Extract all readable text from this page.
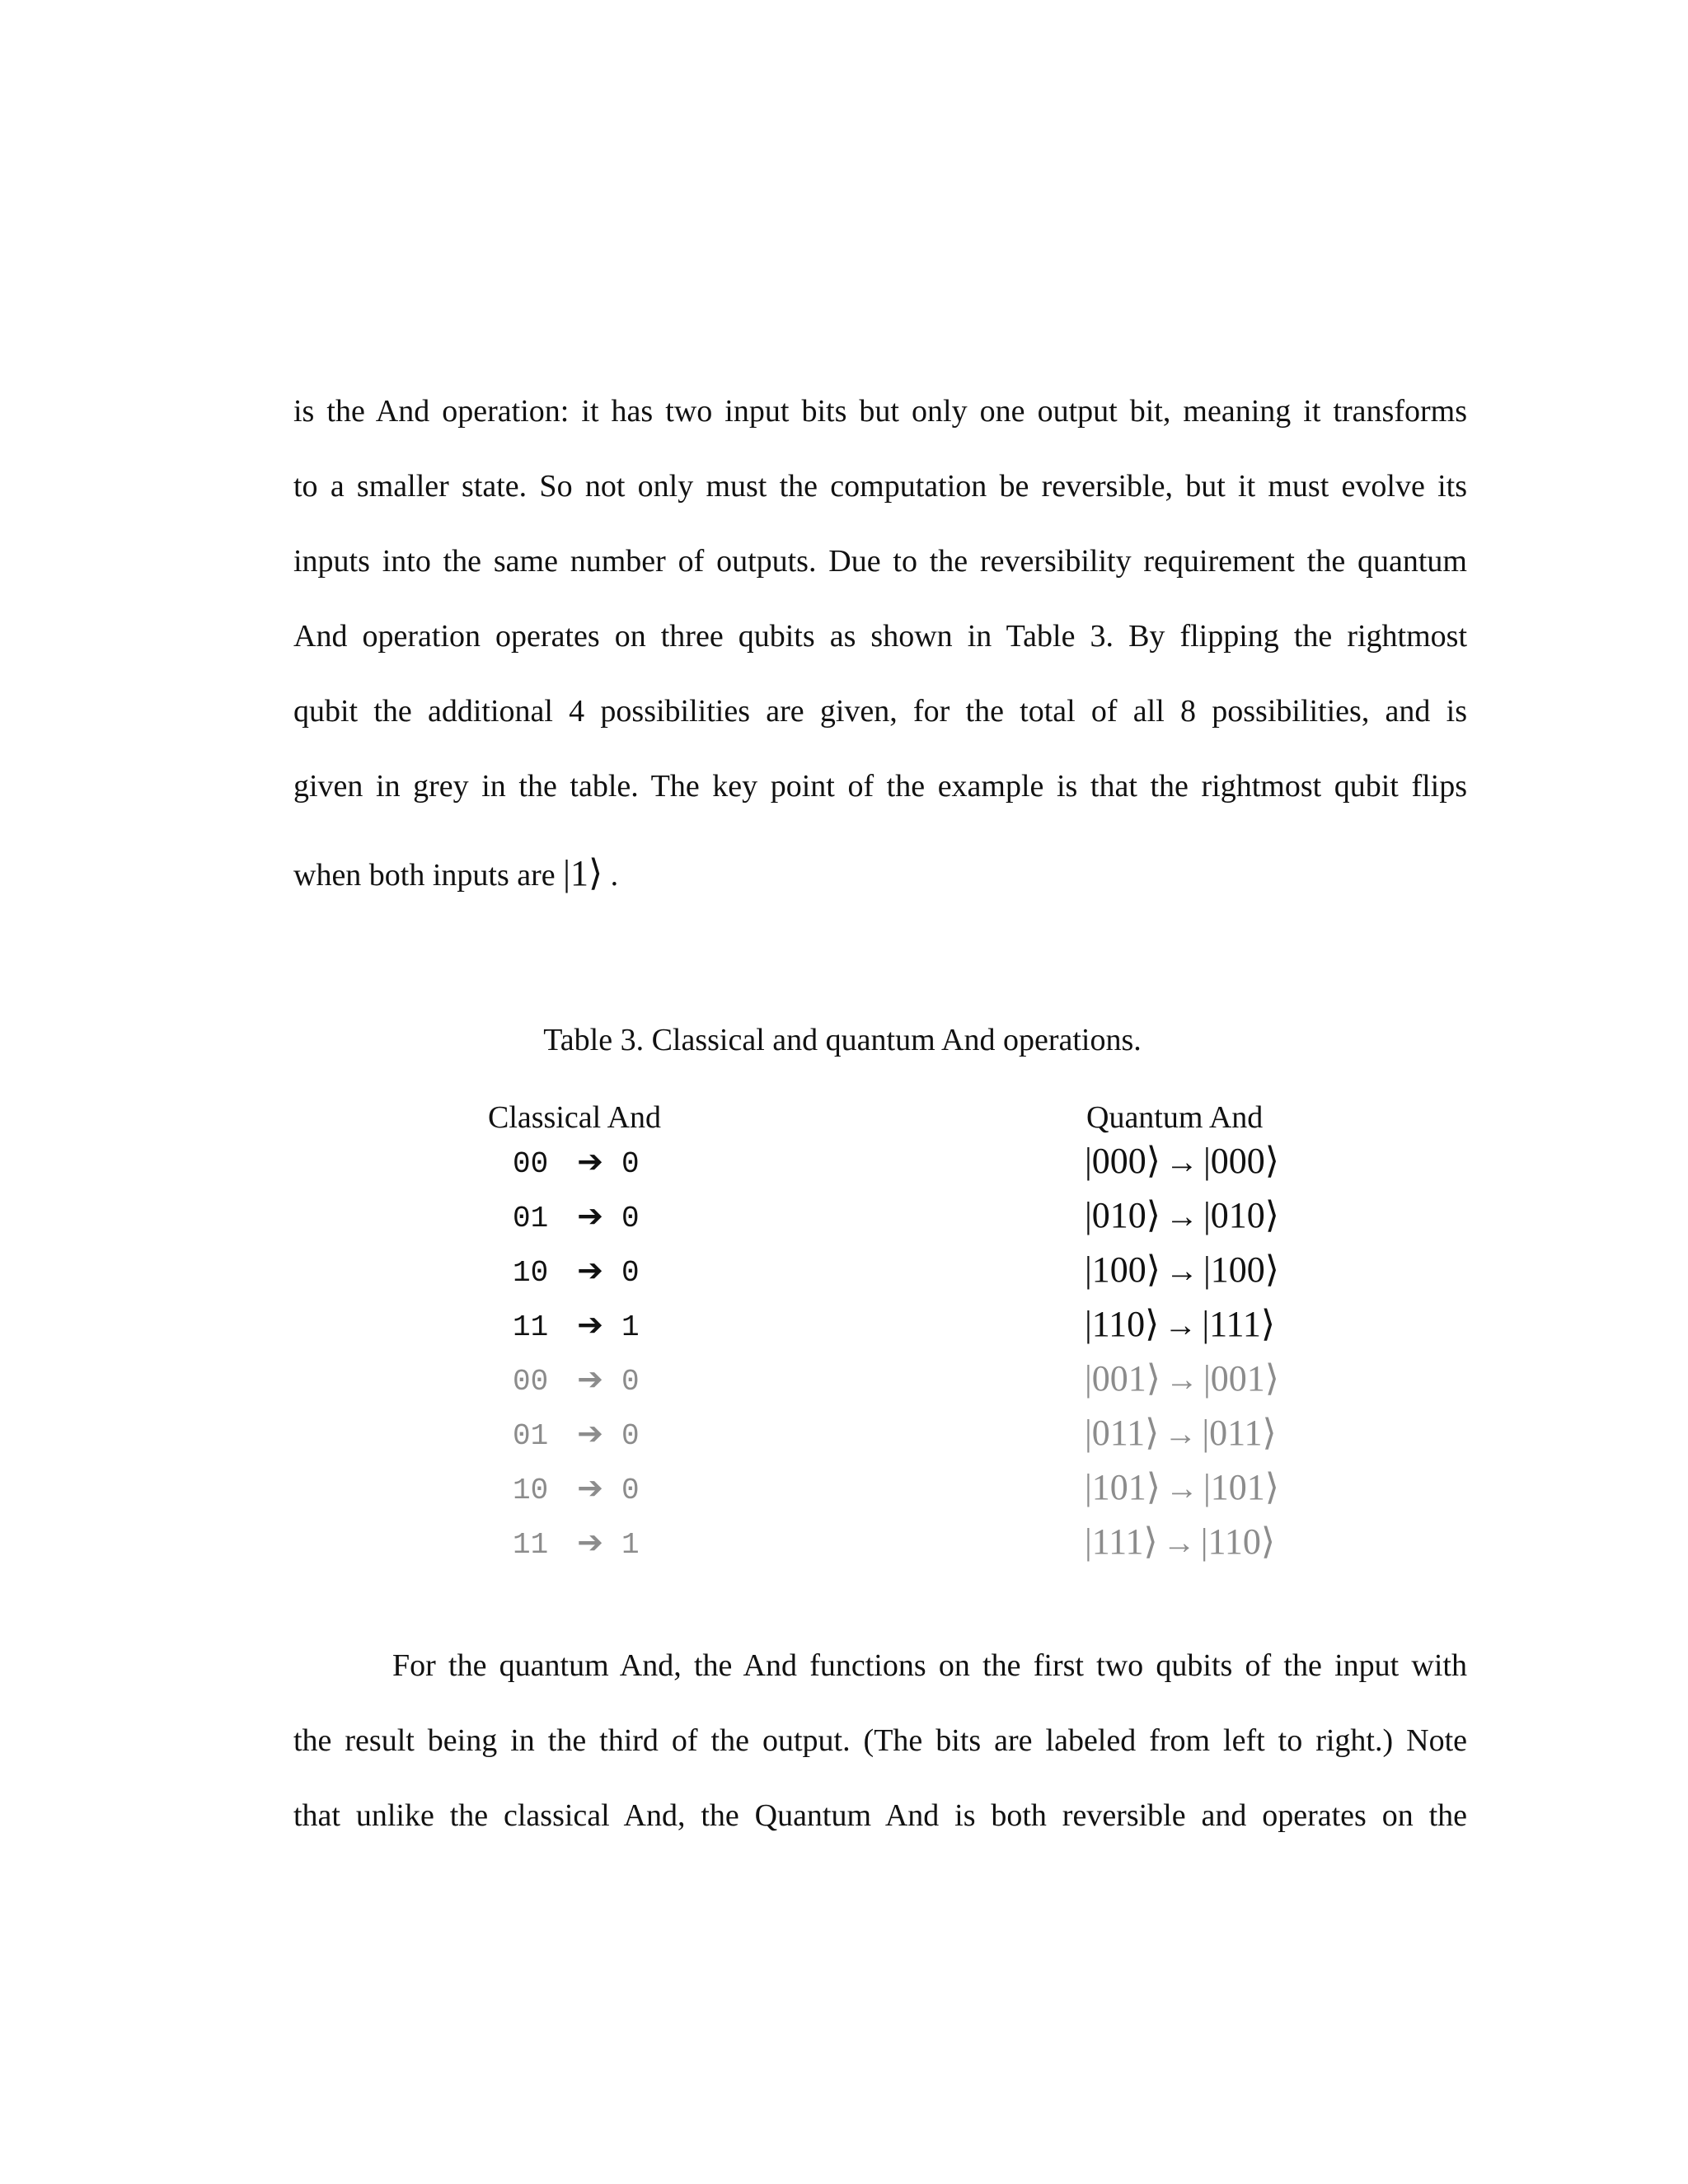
is the And operation: it has two input bits but only one output bit, meaning it transforms
to a smaller state. So not only must the computation be reversible, but it must evolve its
inputs into the same number of outputs. Due to the reversibility requirement the quantum
And operation operates on three qubits as shown in Table 3. By flipping the rightmost
qubit the additional 4 possibilities are given, for the total of all 8 possibilities, and is
given in grey in the table. The key point of the example is that the rightmost qubit flips
when both inputs are |1⟩ .
Table 3. Classical and quantum And operations.
Classical And	Quantum And
00 ➔ 0
01 ➔ 0
10 ➔ 0
11 ➔ 1
00 ➔ 0
01 ➔ 0
10 ➔ 0
11 ➔ 1
|000⟩ → |000⟩
|010⟩ → |010⟩
|100⟩ → |100⟩
|110⟩ → |111⟩
|001⟩ → |001⟩
|011⟩ → |011⟩
|101⟩ → |101⟩
|111⟩ → |110⟩
For the quantum And, the And functions on the first two qubits of the input with
the result being in the third of the output. (The bits are labeled from left to right.) Note
that unlike the classical And, the Quantum And is both reversible and operates on the
